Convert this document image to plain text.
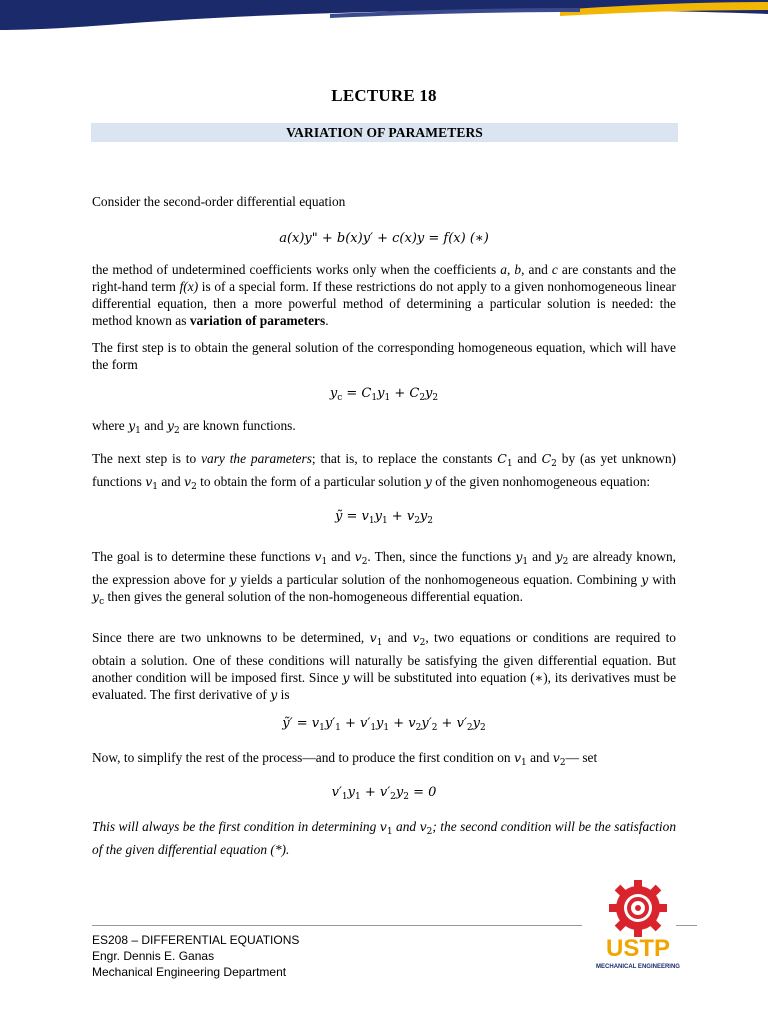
LECTURE 18
VARIATION OF PARAMETERS

Consider the second-order differential equation

a(x)y" + b(x)y′ + c(x)y = f(x) (∗)

the method of undetermined coefficients works only when the coefficients a, b, and c are constants and the right-hand term f(x) is of a special form. If these restrictions do not apply to a given nonhomogeneous linear differential equation, then a more powerful method of determining a particular solution is needed: the method known as variation of parameters.

The first step is to obtain the general solution of the corresponding homogeneous equation, which will have the form

$y_c = C_1y_1 + C_2y_2$

where $y_1$ and $y_2$ are known functions.

The next step is to vary the parameters; that is, to replace the constants $C_1$ and $C_2$ by (as yet unknown) functions $v_1$ and $v_2$ to obtain the form of a particular solution y of the given nonhomogeneous equation:

ỹ = $v_1y_1 + v_2y_2$

The goal is to determine these functions $v_1$ and $v_2$. Then, since the functions $y_1$ and $y_2$ are already known, the expression above for y yields a particular solution of the nonhomogeneous equation. Combining y with $y_c$ then gives the general solution of the non-homogeneous differential equation.

Since there are two unknowns to be determined, $v_1$ and $v_2$, two equations or conditions are required to obtain a solution. One of these conditions will naturally be satisfying the given differential equation. But another condition will be imposed first. Since y will be substituted into equation (∗), its derivatives must be evaluated. The first derivative of y is

ỹ′ = $v_1y'_1 + v'_1y_1 + v_2y'_2 + v'_2y_2$

Now, to simplify the rest of the process—and to produce the first condition on $v_1$ and $v_2—$ set

$v'_1y_1 + v'_2y_2 = 0$

This will always be the first condition in determining $v_1$ and $v_2$; the second condition will be the satisfaction of the given differential equation (*).

ES208 – DIFFERENTIAL EQUATIONS
Engr. Dennis E. Ganas
Mechanical Engineering Department
USTP
MECHANICAL ENGINEERING
